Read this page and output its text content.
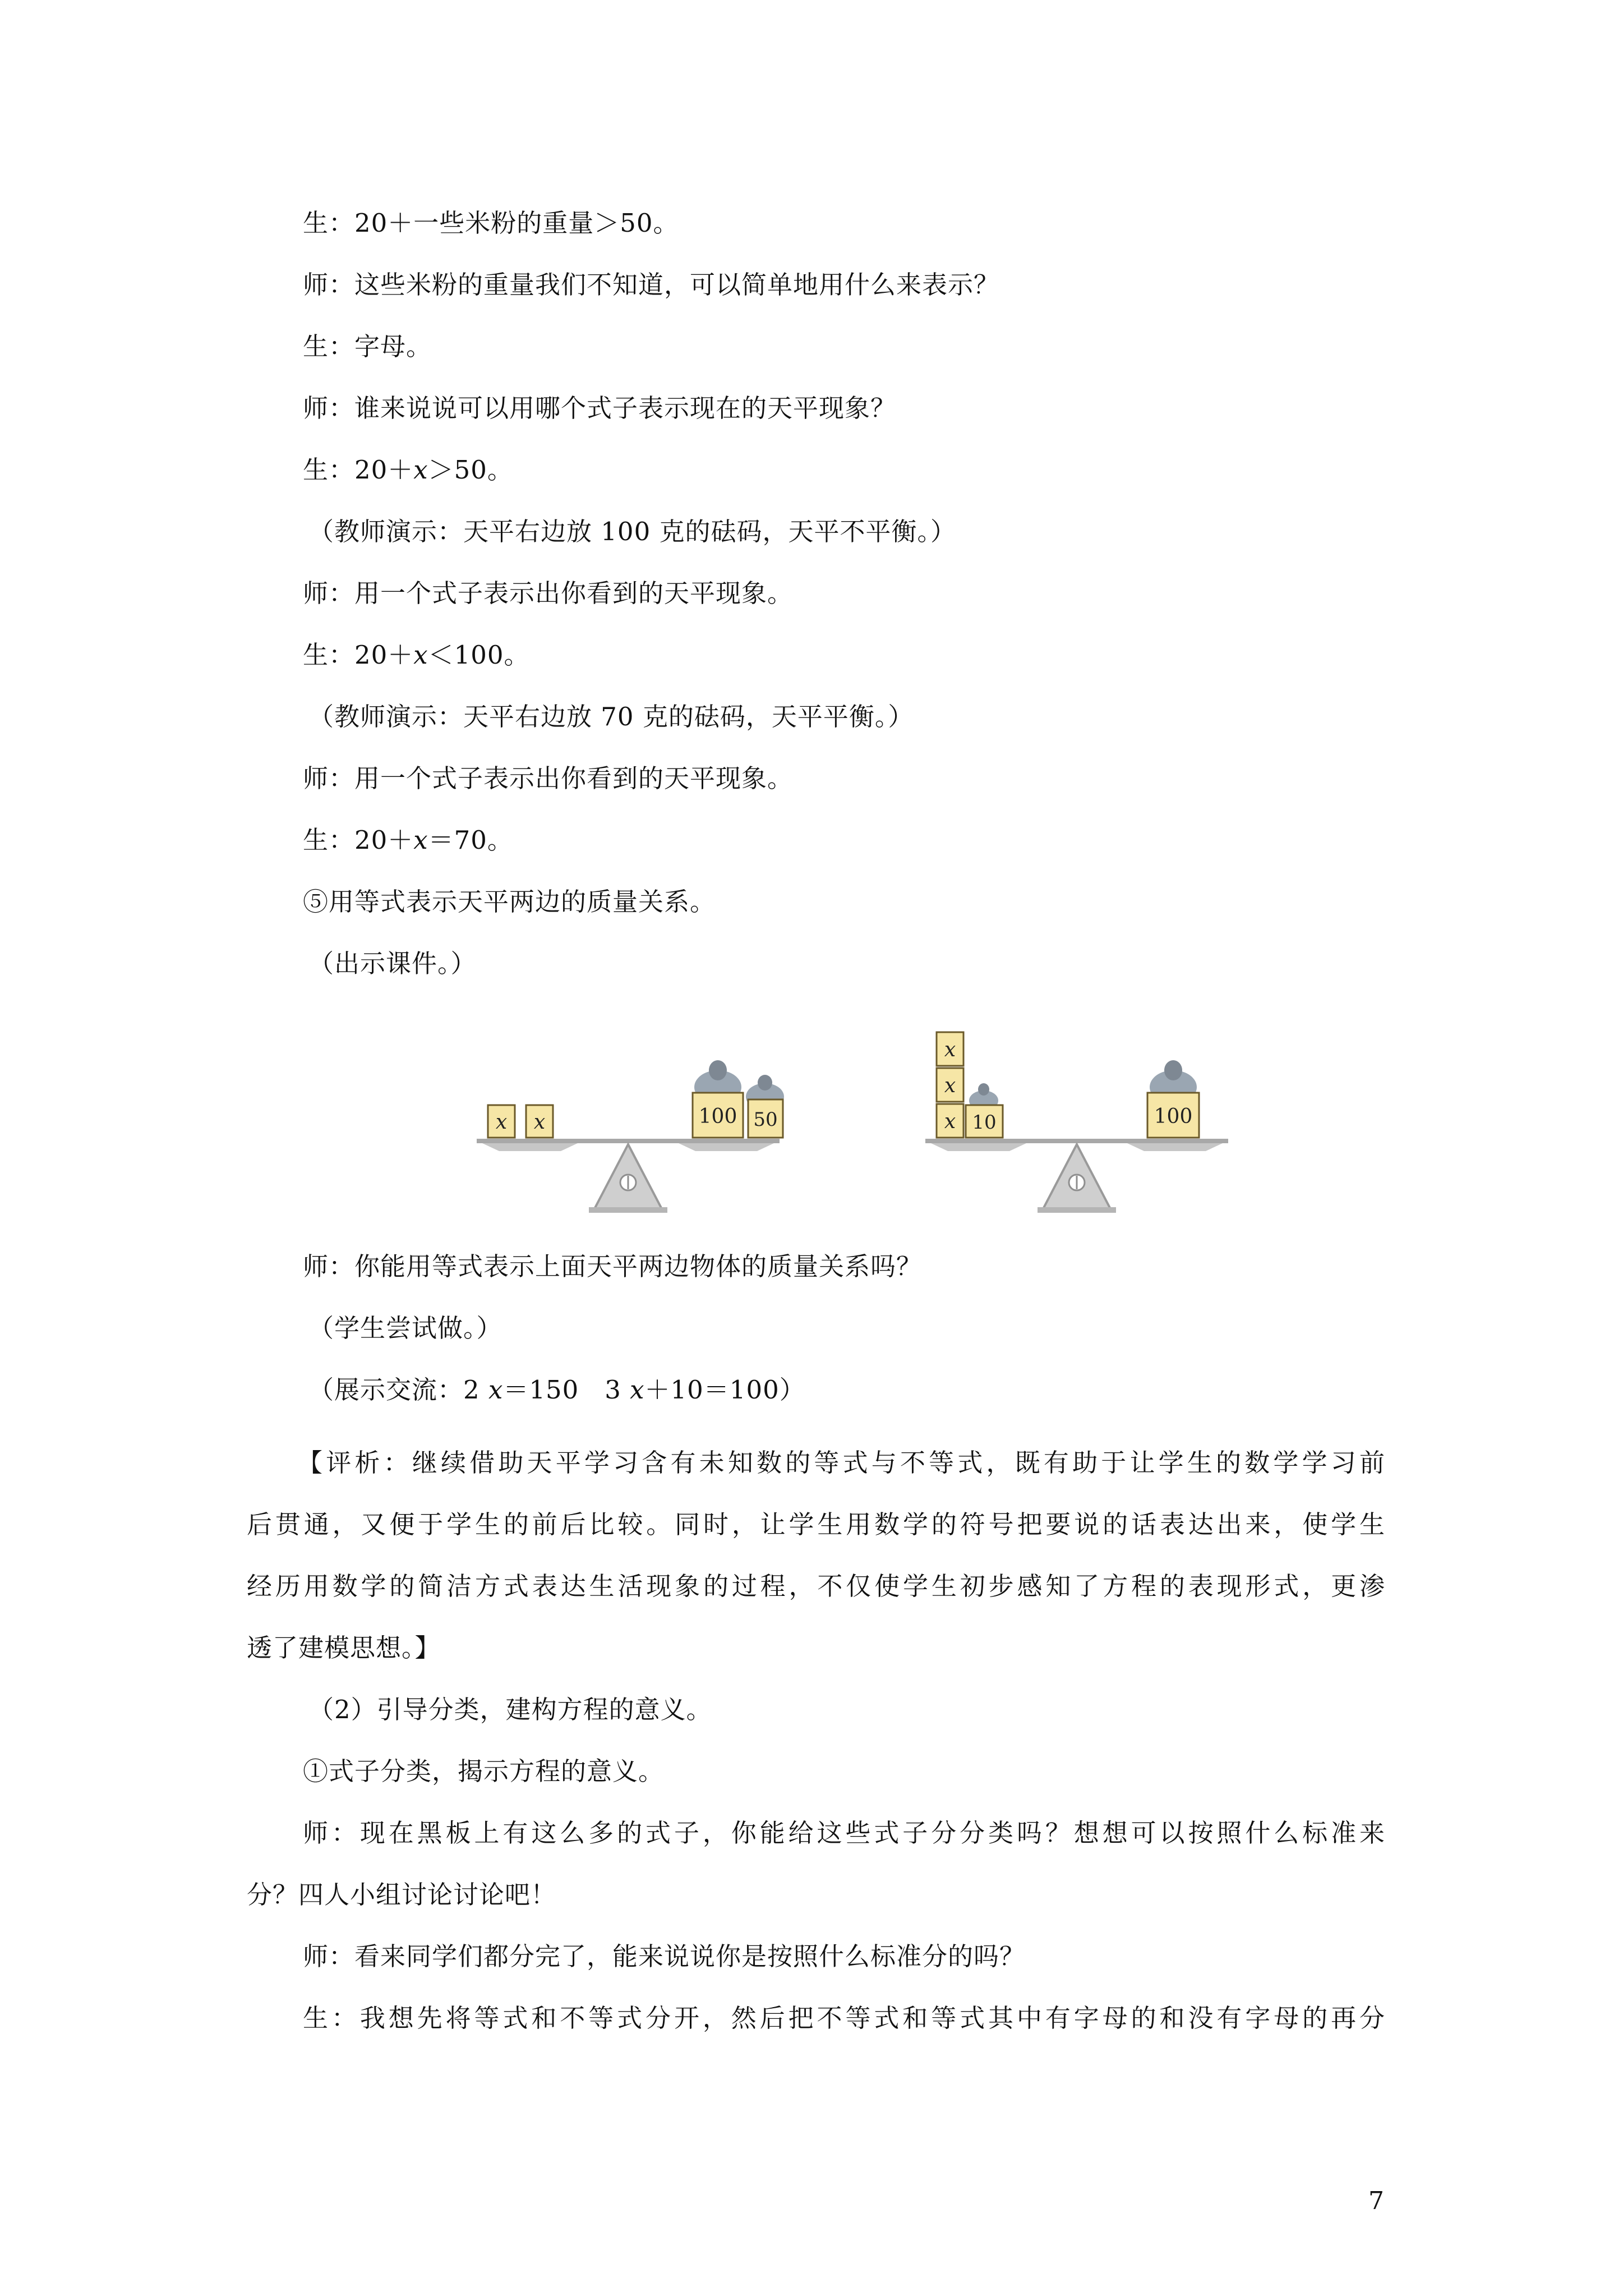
生：20＋一些米粉的重量＞50。
师：这些米粉的重量我们不知道，可以简单地用什么来表示？
生：字母。
师：谁来说说可以用哪个式子表示现在的天平现象？
生：20＋x＞50。
（教师演示：天平右边放 100 克的砝码，天平不平衡。）
师：用一个式子表示出你看到的天平现象。
生：20＋x＜100。
（教师演示：天平右边放 70 克的砝码，天平平衡。）
师：用一个式子表示出你看到的天平现象。
生：20＋x＝70。
⑤用等式表示天平两边的质量关系。
（出示课件。）
x x	100 50
x
x
x 10	100
师：你能用等式表示上面天平两边物体的质量关系吗？
（学生尝试做。）
（展示交流：2 x＝150　3 x＋10＝100）
【评析：继续借助天平学习含有未知数的等式与不等式，既有助于让学生的数学学习前
后贯通，又便于学生的前后比较。同时，让学生用数学的符号把要说的话表达出来，使学生
经历用数学的简洁方式表达生活现象的过程，不仅使学生初步感知了方程的表现形式，更渗
透了建模思想。】
（2）引导分类，建构方程的意义。
①式子分类，揭示方程的意义。
师：现在黑板上有这么多的式子，你能给这些式子分分类吗？想想可以按照什么标准来
分？四人小组讨论讨论吧！
师：看来同学们都分完了，能来说说你是按照什么标准分的吗？
生：我想先将等式和不等式分开，然后把不等式和等式其中有字母的和没有字母的再分
7
